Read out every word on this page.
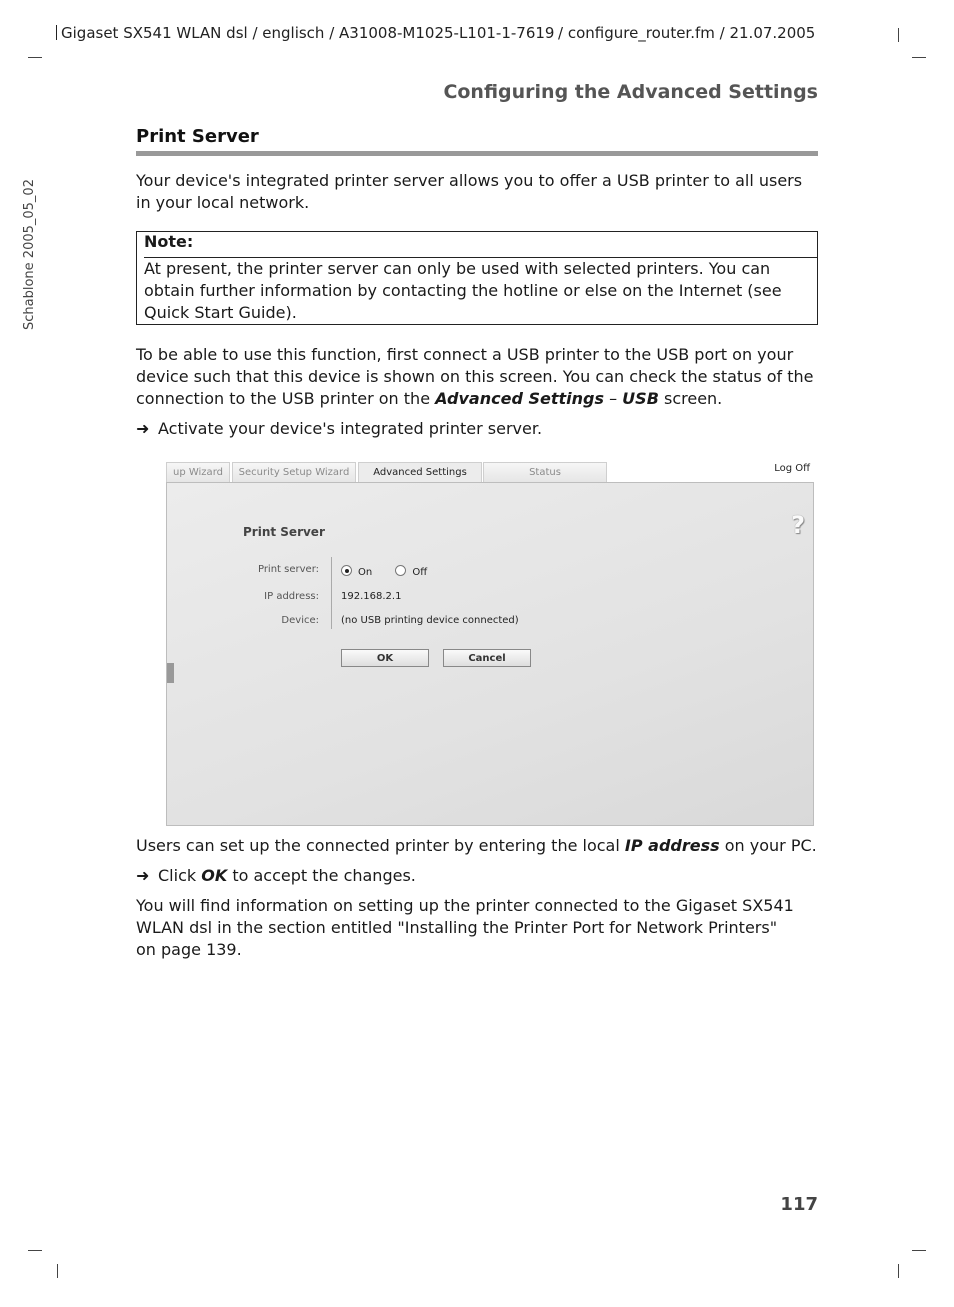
Gigaset SX541 WLAN dsl / englisch / A31008-M1025-L101-1-7619 / configure_router.fm / 21.07.2005
Schablone 2005_05_02
Configuring the Advanced Settings
Print Server
Your device's integrated printer server allows you to offer a USB printer to all users in your local network.
Note:
At present, the printer server can only be used with selected printers. You can obtain further information by contacting the hotline or else on the Internet (see Quick Start Guide).
To be able to use this function, first connect a USB printer to the USB port on your device such that this device is shown on this screen. You can check the status of the connection to the USB printer on the Advanced Settings – USB screen.
➜ Activate your device's integrated printer server.
up Wizard	Security Setup Wizard	Advanced Settings	Status	Log Off
?
Print Server
Print server:	On	Off
IP address: 192.168.2.1
Device: (no USB printing device connected)
OK	Cancel
Users can set up the connected printer by entering the local IP address on your PC.
➜ Click OK to accept the changes.
You will find information on setting up the printer connected to the Gigaset SX541 WLAN dsl in the section entitled "Installing the Printer Port for Network Printers" on page 139.
117
